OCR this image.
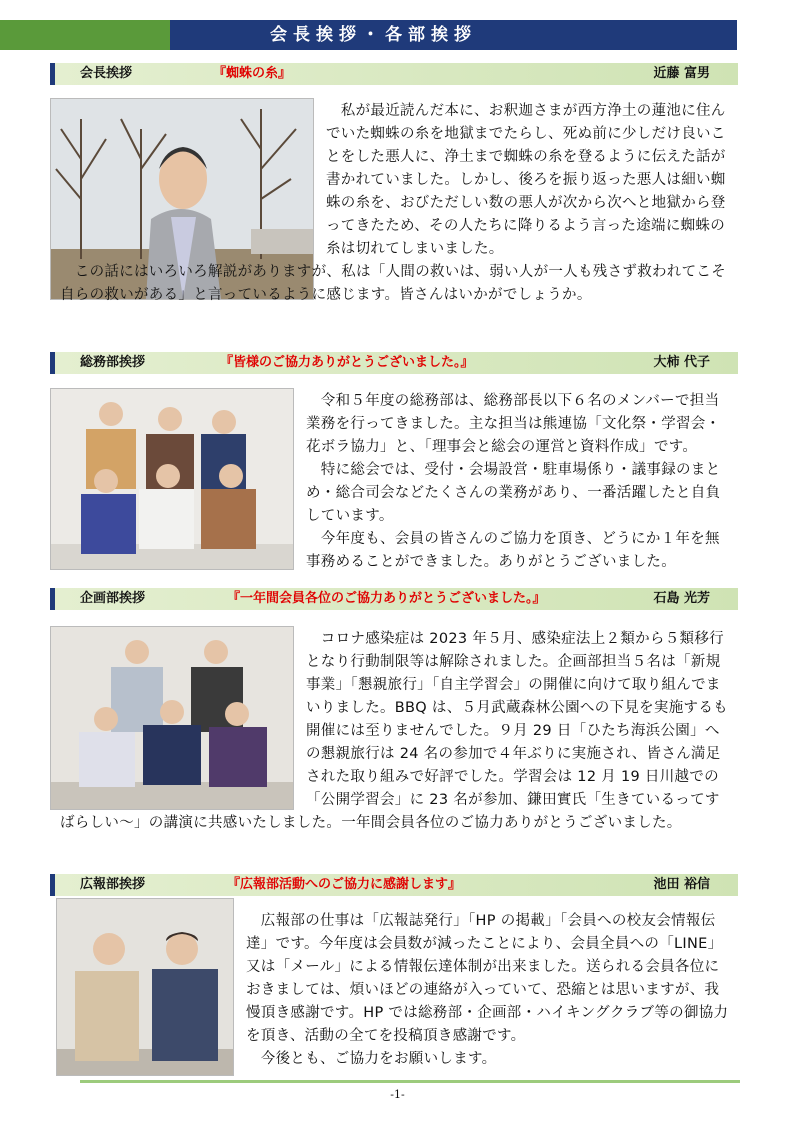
会長挨拶・各部挨拶
会長挨拶	『蜘蛛の糸』	近藤 富男
総務部挨拶	『皆様のご協力ありがとうございました。』	大柿 代子

　令和５年度の総務部は、総務部長以下６名のメンバーで担当業務を行ってきました。主な担当は熊連協「文化祭・学習会・花ボラ協力」と、「理事会と総会の運営と資料作成」です。

　特に総会では、受付・会場設営・駐車場係り・議事録のまとめ・総合司会などたくさんの業務があり、一番活躍したと自負しています。

　今年度も、会員の皆さんのご協力を頂き、どうにか１年を無事務めることができました。ありがとうございました。

企画部挨拶	『一年間会員各位のご協力ありがとうございました。』	石島 光芳

　コロナ感染症は 2023 年５月、感染症法上２類から５類移行となり行動制限等は解除されました。企画部担当５名は「新規事業」「懇親旅行」「自主学習会」の開催に向けて取り組んでまいりました。BBQ は、５月武蔵森林公園への下見を実施するも開催には至りませんでした。９月 29 日「ひたち海浜公園」への懇親旅行は 24 名の参加で４年ぶりに実施され、皆さん満足された取り組みで好評でした。学習会は 12 月 19 日川越での「公開学習会」に 23 名が参加、鎌田實氏「生きているってすばらしい～」の講演に共感いたしました。一年間会員各位のご協力ありがとうございました。

広報部挨拶	『広報部活動へのご協力に感謝します』	池田 裕信

　広報部の仕事は「広報誌発行」「HP の掲載」「会員への校友会情報伝達」です。今年度は会員数が減ったことにより、会員全員への「LINE」又は「メール」による情報伝達体制が出来ました。送られる会員各位におきましては、煩いほどの連絡が入っていて、恐縮とは思いますが、我慢頂き感謝です。HP では総務部・企画部・ハイキングクラブ等の御協力を頂き、活動の全てを投稿頂き感謝です。

　今後とも、ご協力をお願いします。

-1-

　私が最近読んだ本に、お釈迦さまが西方浄土の蓮池に住んでいた蜘蛛の糸を地獄までたらし、死ぬ前に少しだけ良いことをした悪人に、浄土まで蜘蛛の糸を登るように伝えた話が書かれていました。しかし、後ろを振り返った悪人は細い蜘蛛の糸を、おびただしい数の悪人が次から次へと地獄から登ってきたため、その人たちに降りるよう言った途端に蜘蛛の糸は切れてしまいました。

　この話にはいろいろ解説がありますが、私は「人間の救いは、弱い人が一人も残さず救われてこそ自らの救いがある」と言っているように感じます。皆さんはいかがでしょうか。
